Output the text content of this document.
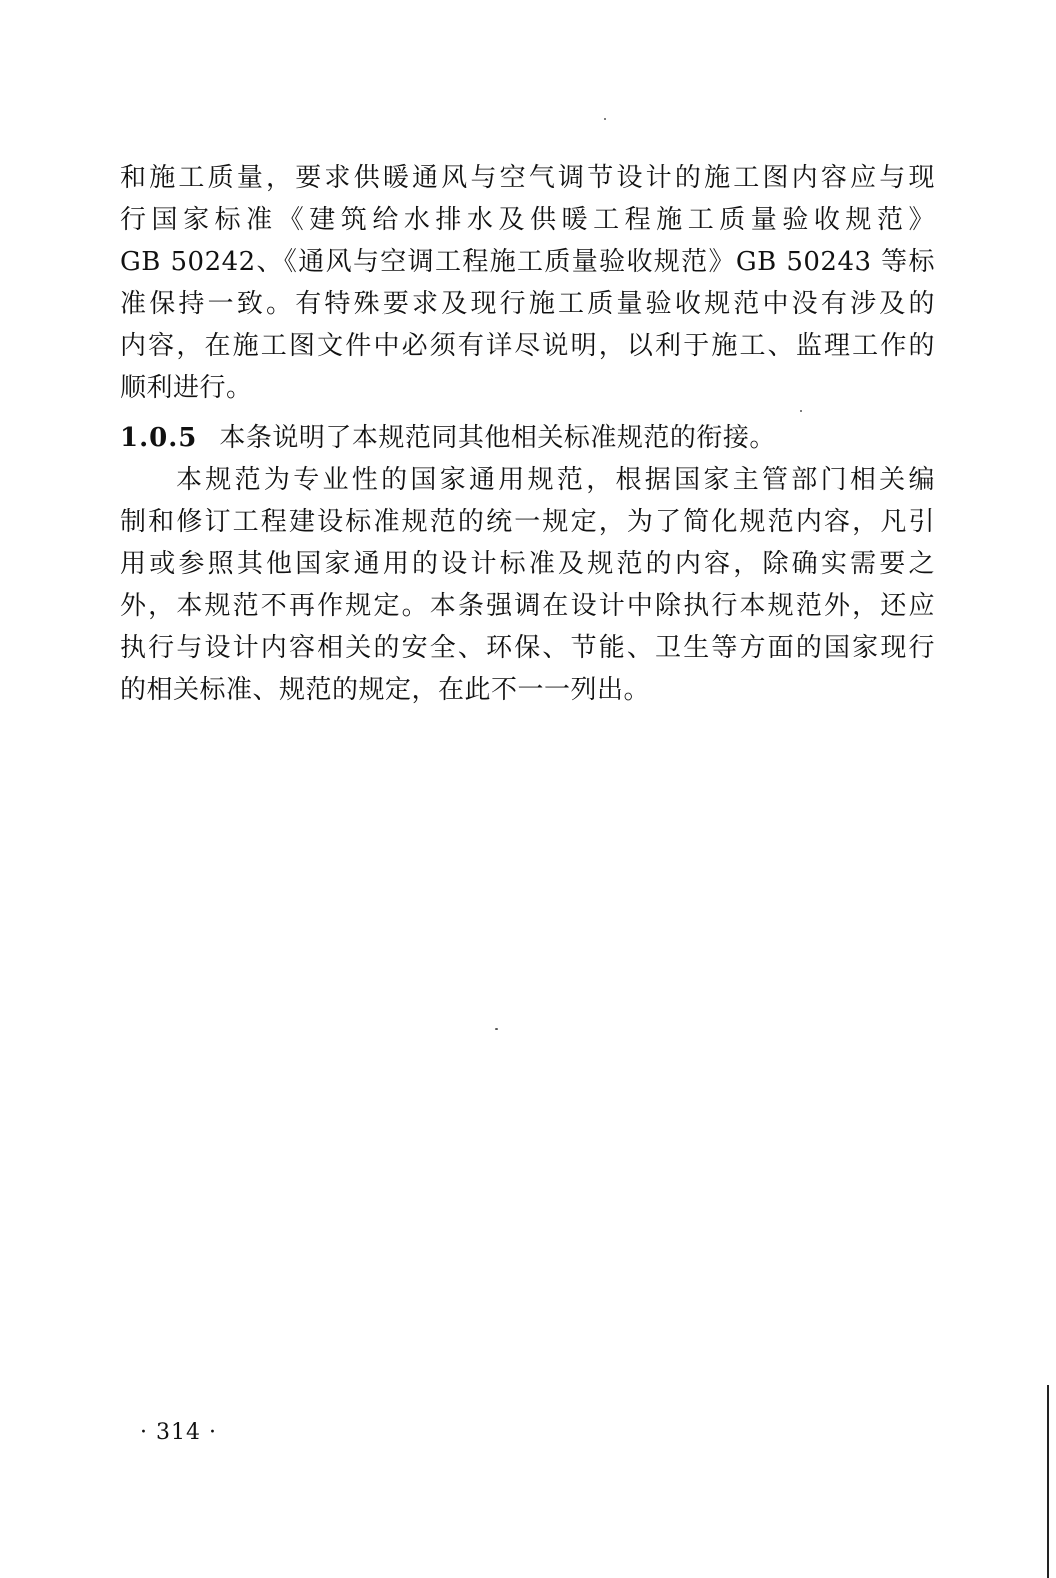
和施工质量，要求供暖通风与空气调节设计的施工图内容应与现
行国家标准《建筑给水排水及供暖工程施工质量验收规范》
GB 50242、《通风与空调工程施工质量验收规范》GB 50243 等标
准保持一致。有特殊要求及现行施工质量验收规范中没有涉及的
内容，在施工图文件中必须有详尽说明，以利于施工、监理工作的
顺利进行。
1.0.5 本条说明了本规范同其他相关标准规范的衔接。
本规范为专业性的国家通用规范，根据国家主管部门相关编
制和修订工程建设标准规范的统一规定，为了简化规范内容，凡引
用或参照其他国家通用的设计标准及规范的内容，除确实需要之
外，本规范不再作规定。本条强调在设计中除执行本规范外，还应
执行与设计内容相关的安全、环保、节能、卫生等方面的国家现行
的相关标准、规范的规定，在此不一一列出。
· 314 ·
